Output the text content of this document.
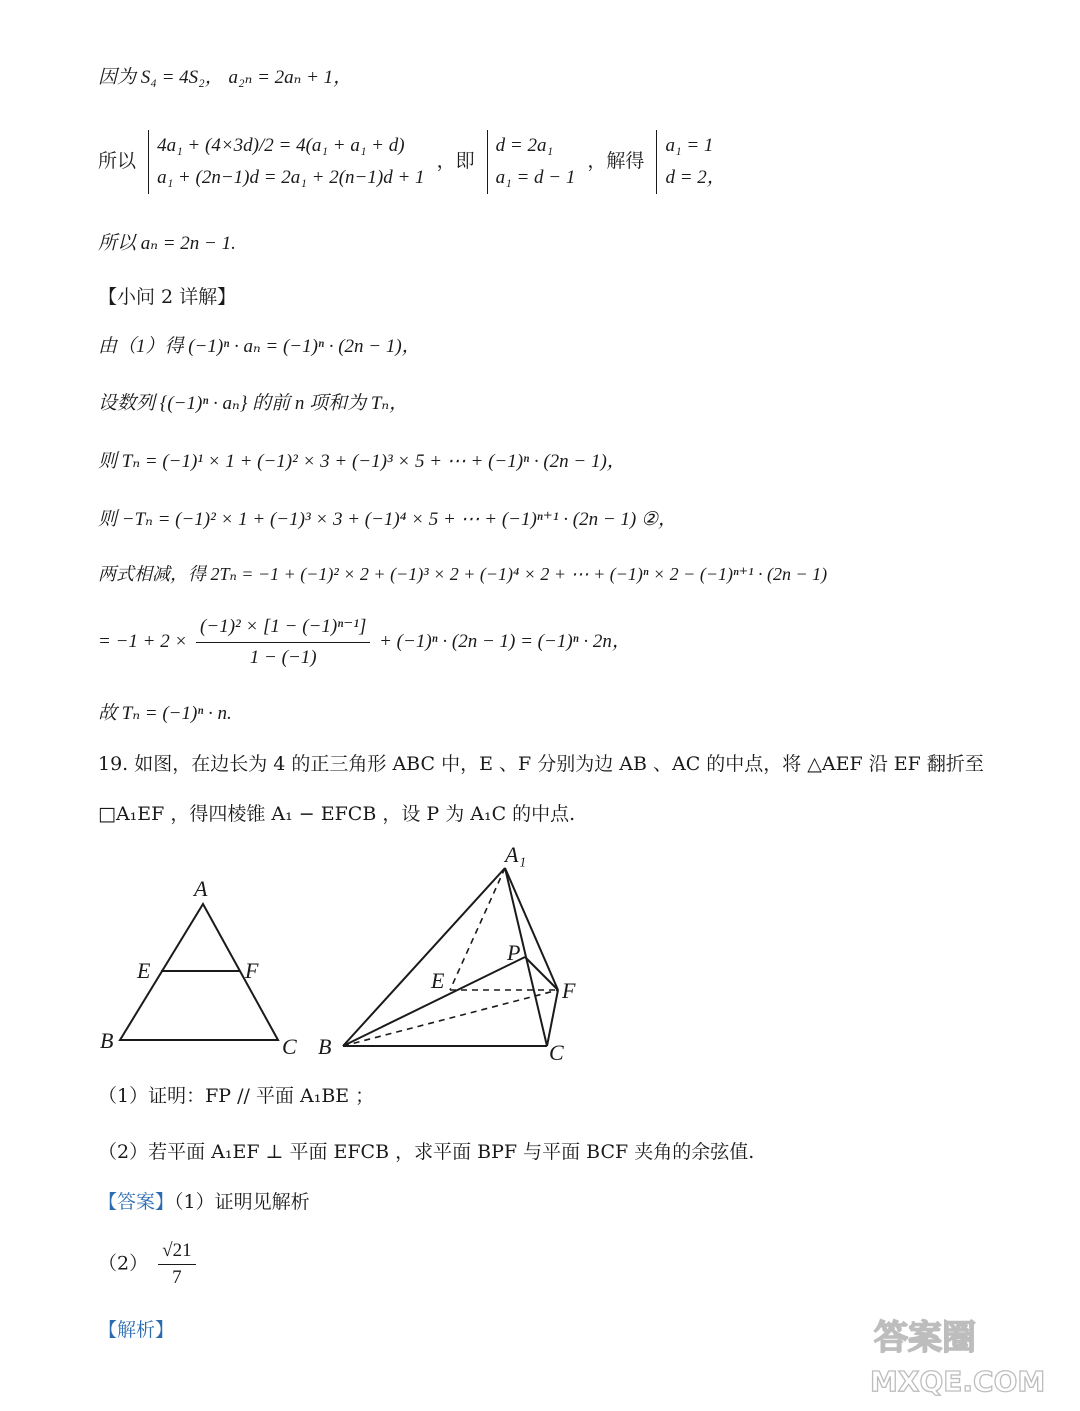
因为 S₄ = 4S₂， a₂ₙ = 2aₙ + 1，
所以
4a₁ + (4×3d)/2 = 4(a₁ + a₁ + d)
a₁ + (2n−1)d = 2a₁ + 2(n−1)d + 1
，即
d = 2a₁
a₁ = d − 1
，解得
a₁ = 1
d = 2，
所以 aₙ = 2n − 1.
【小问 2 详解】
由（1）得 (−1)ⁿ · aₙ = (−1)ⁿ · (2n − 1)，
设数列 {(−1)ⁿ · aₙ} 的前 n 项和为 Tₙ，
则 Tₙ = (−1)¹ × 1 + (−1)² × 3 + (−1)³ × 5 + ⋯ + (−1)ⁿ · (2n − 1)，
则 −Tₙ = (−1)² × 1 + (−1)³ × 3 + (−1)⁴ × 5 + ⋯ + (−1)ⁿ⁺¹ · (2n − 1) ②，
两式相减，得 2Tₙ = −1 + (−1)² × 2 + (−1)³ × 2 + (−1)⁴ × 2 + ⋯ + (−1)ⁿ × 2 − (−1)ⁿ⁺¹ · (2n − 1)
= $-1 + 2 \times \frac{\text{(−1)² × [1 − (−1)ⁿ⁻¹]}}{1 - (-1)} + (-1)^n \cdot (2n - 1) = (-1)^n \cdot 2n$，
故 Tₙ = (−1)ⁿ · n.
19. 如图，在边长为 4 的正三角形 ABC 中，E 、F 分别为边 AB 、AC 的中点，将 △AEF 沿 EF 翻折至
□A₁EF ，得四棱锥 A₁ − EFCB ，设 P 为 A₁C 的中点.
A
E	F
B	C
A₁
P
E	F
B	C
（1）证明：FP // 平面 A₁BE ；
（2）若平面 A₁EF ⊥ 平面 EFCB ，求平面 BPF 与平面 BCF 夹角的余弦值.
【答案】（1）证明见解析
$(2) \frac{√21}{7}$
【解析】	答案圈
MXQE.COM
